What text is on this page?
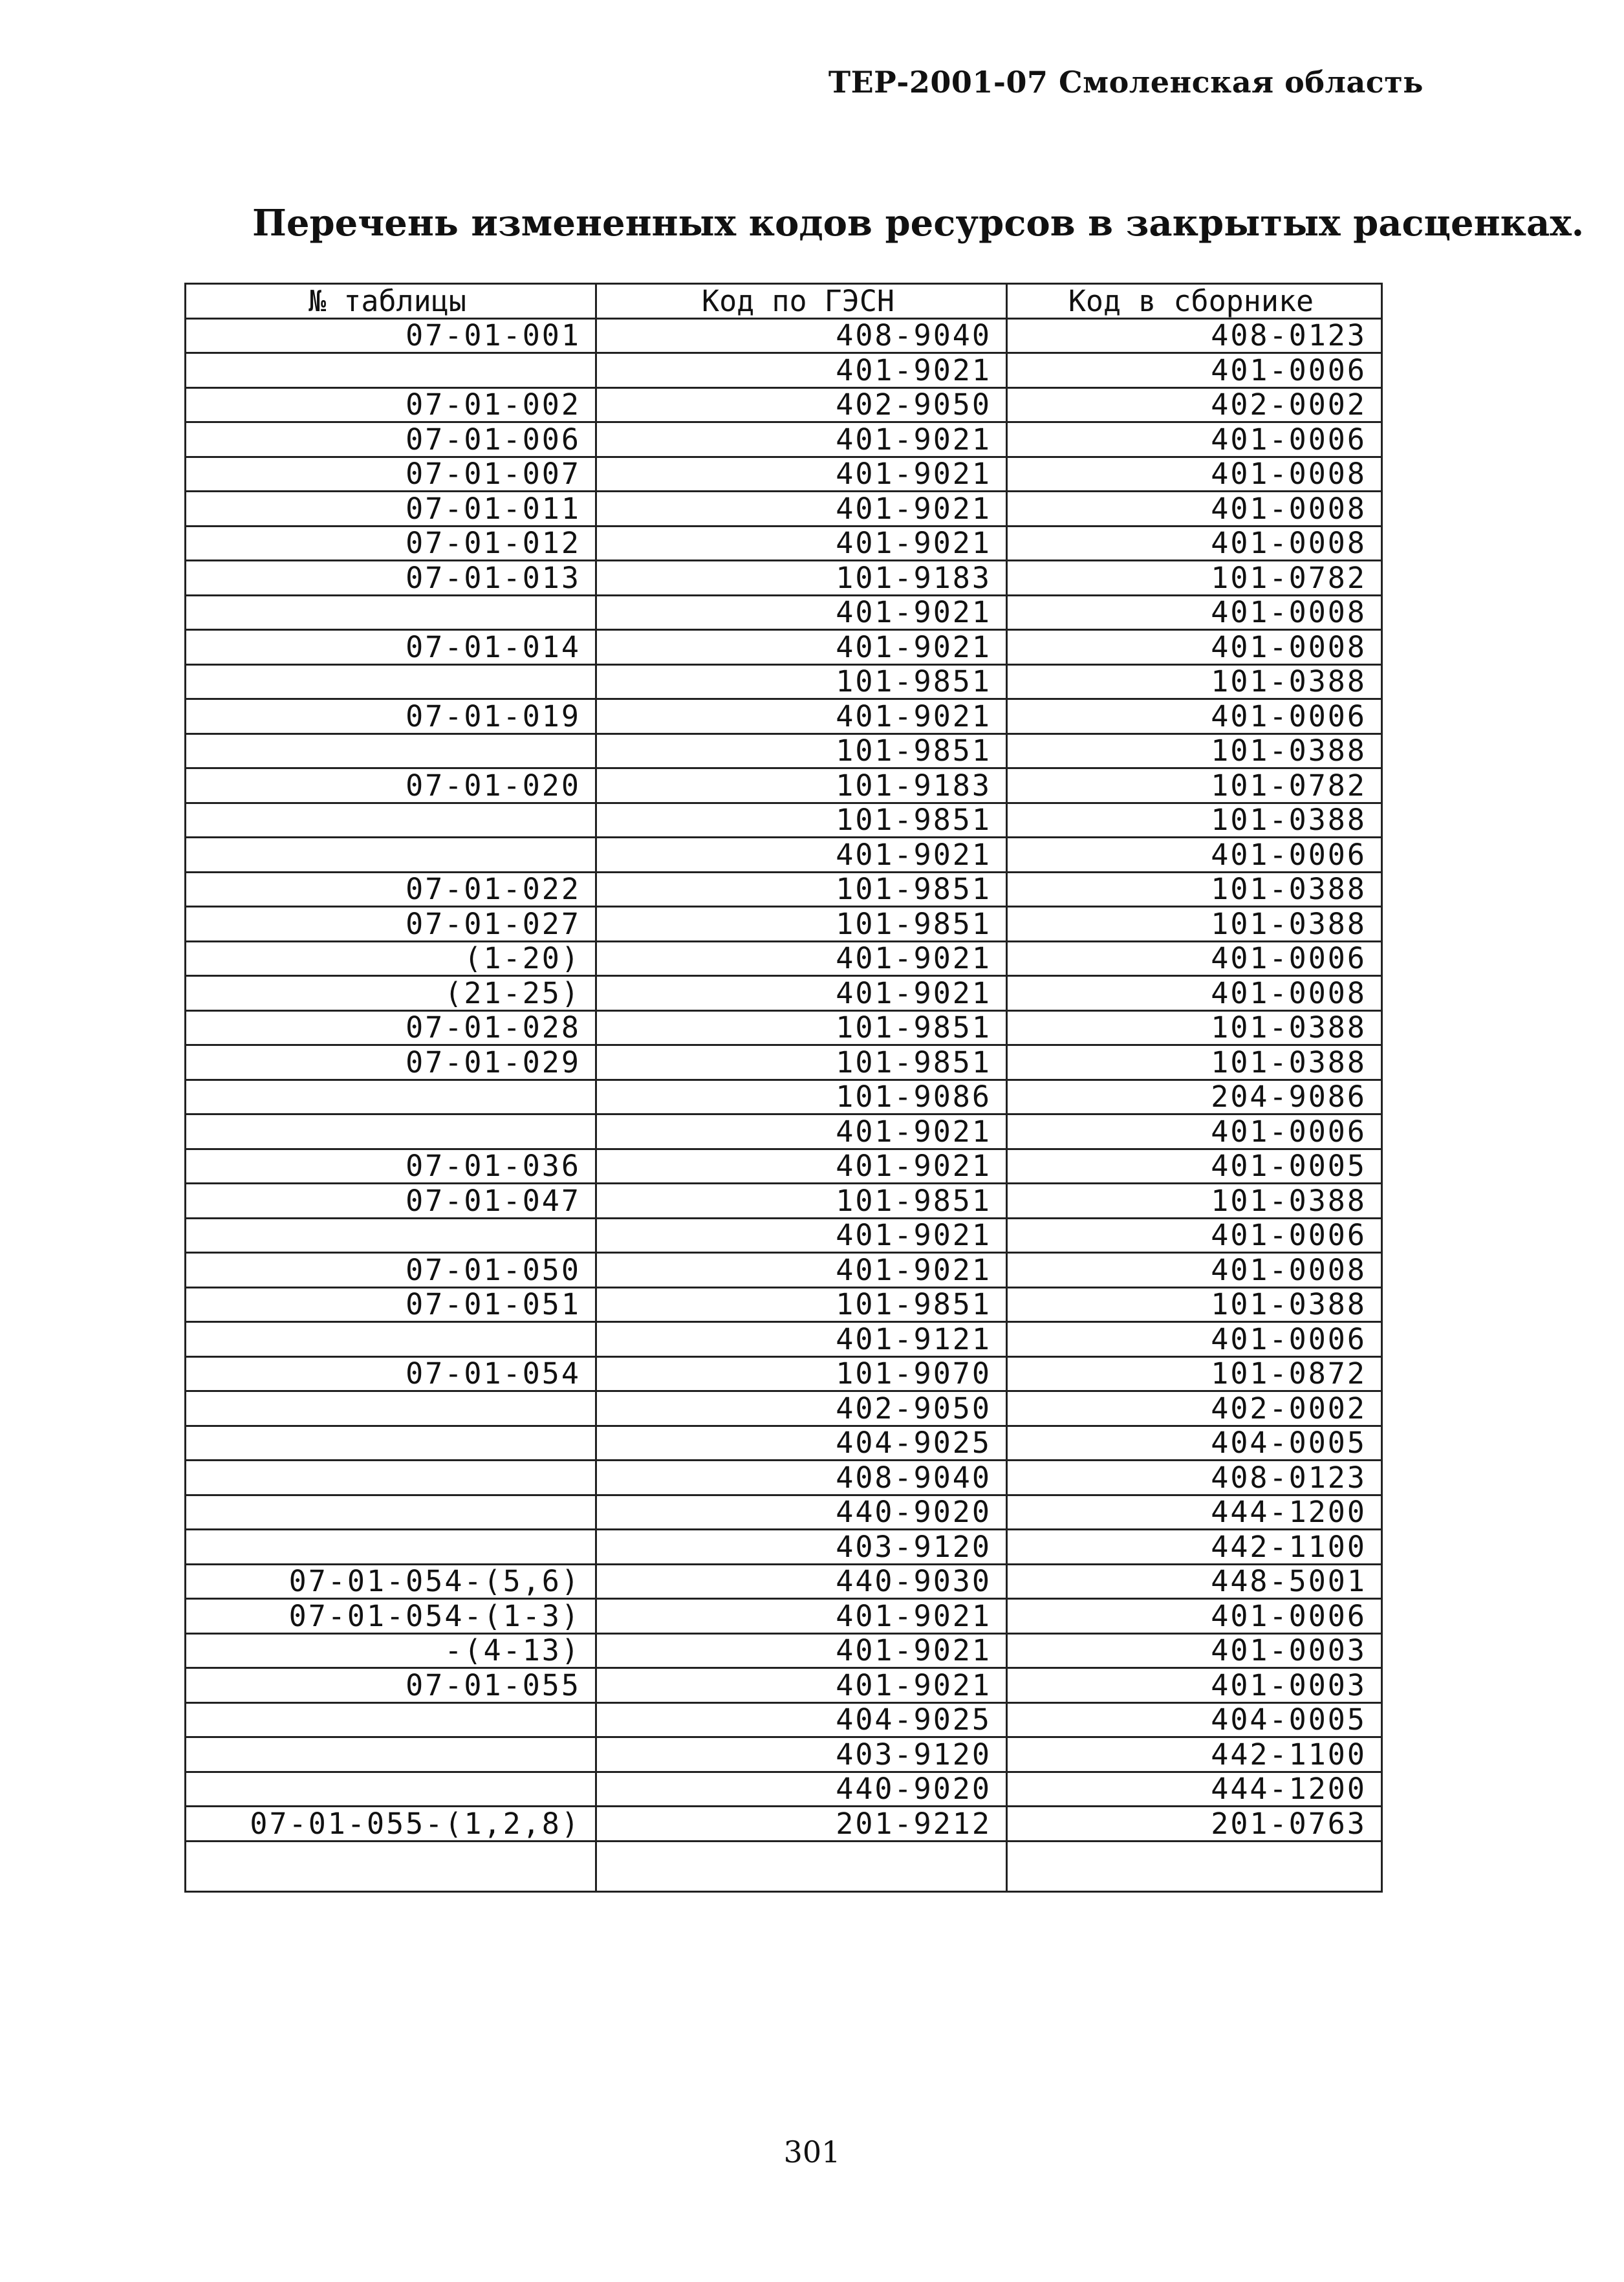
ТЕР-2001-07 Смоленская область
Перечень измененных кодов ресурсов в закрытых расценках.
№ таблицы	Код по ГЭСН	Код в сборнике
07-01-001	408-9040	408-0123
	401-9021	401-0006
07-01-002	402-9050	402-0002
07-01-006	401-9021	401-0006
07-01-007	401-9021	401-0008
07-01-011	401-9021	401-0008
07-01-012	401-9021	401-0008
07-01-013	101-9183	101-0782
	401-9021	401-0008
07-01-014	401-9021	401-0008
	101-9851	101-0388
07-01-019	401-9021	401-0006
	101-9851	101-0388
07-01-020	101-9183	101-0782
	101-9851	101-0388
	401-9021	401-0006
07-01-022	101-9851	101-0388
07-01-027	101-9851	101-0388
(1-20)	401-9021	401-0006
(21-25)	401-9021	401-0008
07-01-028	101-9851	101-0388
07-01-029	101-9851	101-0388
	101-9086	204-9086
	401-9021	401-0006
07-01-036	401-9021	401-0005
07-01-047	101-9851	101-0388
	401-9021	401-0006
07-01-050	401-9021	401-0008
07-01-051	101-9851	101-0388
	401-9121	401-0006
07-01-054	101-9070	101-0872
	402-9050	402-0002
	404-9025	404-0005
	408-9040	408-0123
	440-9020	444-1200
	403-9120	442-1100
07-01-054-(5,6)	440-9030	448-5001
07-01-054-(1-3)	401-9021	401-0006
-(4-13)	401-9021	401-0003
07-01-055	401-9021	401-0003
	404-9025	404-0005
	403-9120	442-1100
	440-9020	444-1200
07-01-055-(1,2,8)	201-9212	201-0763

301
